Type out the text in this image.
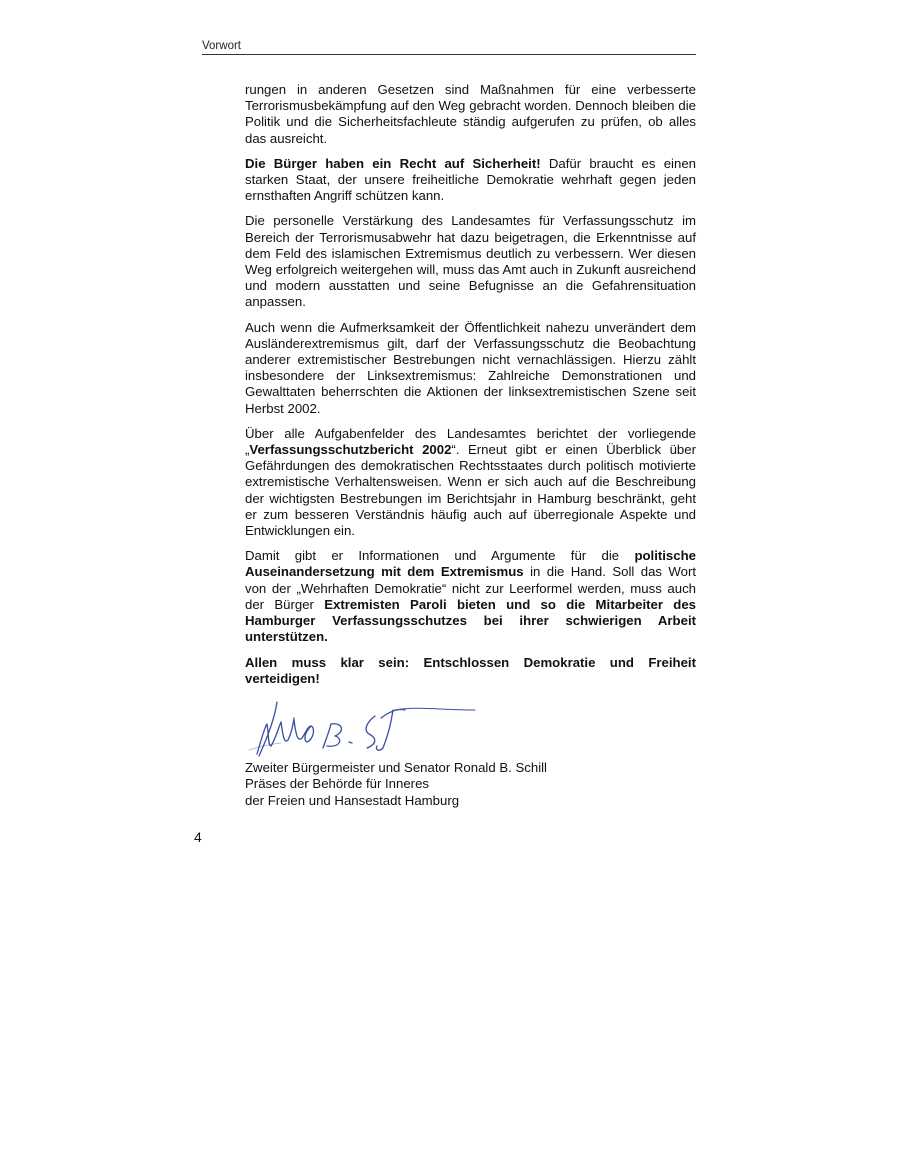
Vorwort

rungen in anderen Gesetzen sind Maßnahmen für eine verbesserte Terrorismusbekämpfung auf den Weg gebracht worden. Dennoch bleiben die Politik und die Sicherheitsfachleute ständig aufgerufen zu prüfen, ob alles das ausreicht.

Die Bürger haben ein Recht auf Sicherheit! Dafür braucht es einen starken Staat, der unsere freiheitliche Demokratie wehrhaft gegen jeden ernsthaften Angriff schützen kann.

Die personelle Verstärkung des Landesamtes für Verfassungsschutz im Bereich der Terrorismusabwehr hat dazu beigetragen, die Erkenntnisse auf dem Feld des islamischen Extremismus deutlich zu verbessern. Wer diesen Weg erfolgreich weitergehen will, muss das Amt auch in Zukunft ausreichend und modern ausstatten und seine Befugnisse an die Gefahrensituation anpassen.

Auch wenn die Aufmerksamkeit der Öffentlichkeit nahezu unverändert dem Ausländerextremismus gilt, darf der Verfassungsschutz die Beobachtung anderer extremistischer Bestrebungen nicht vernachlässigen. Hierzu zählt insbesondere der Linksextremismus: Zahlreiche Demonstrationen und Gewalttaten beherrschten die Aktionen der linksextremistischen Szene seit Herbst 2002.

Über alle Aufgabenfelder des Landesamtes berichtet der vorliegende „Verfassungsschutzbericht 2002“. Erneut gibt er einen Überblick über Gefährdungen des demokratischen Rechtsstaates durch politisch motivierte extremistische Verhaltensweisen. Wenn er sich auch auf die Beschreibung der wichtigsten Bestrebungen im Berichtsjahr in Hamburg beschränkt, geht er zum besseren Verständnis häufig auch auf überregionale Aspekte und Entwicklungen ein.

Damit gibt er Informationen und Argumente für die politische Auseinandersetzung mit dem Extremismus in die Hand. Soll das Wort von der „Wehrhaften Demokratie“ nicht zur Leerformel werden, muss auch der Bürger Extremisten Paroli bieten und so die Mitarbeiter des Hamburger Verfassungsschutzes bei ihrer schwierigen Arbeit unterstützen.

Allen muss klar sein: Entschlossen Demokratie und Freiheit verteidigen!

Zweiter Bürgermeister und Senator Ronald B. Schill
Präses der Behörde für Inneres
der Freien und Hansestadt Hamburg
4
